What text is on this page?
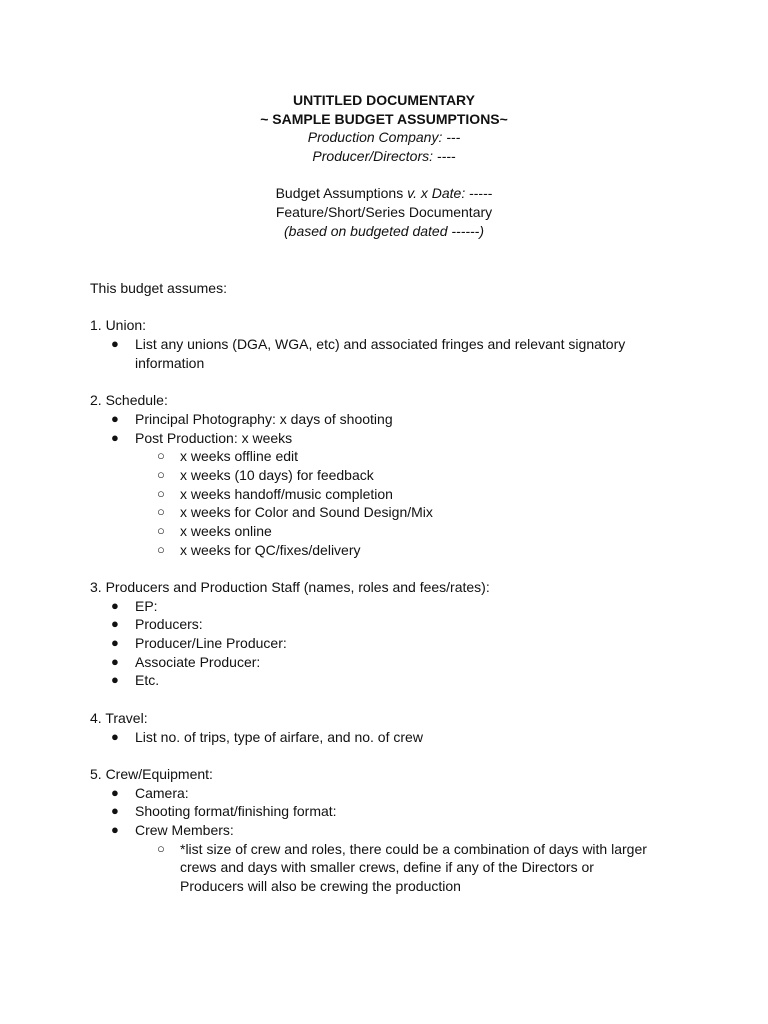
UNTITLED DOCUMENTARY
~ SAMPLE BUDGET ASSUMPTIONS~
Production Company: ---
Producer/Directors: ----
Budget Assumptions v. x Date: -----
Feature/Short/Series Documentary
(based on budgeted dated ------)
This budget assumes:
1. Union:
● List any unions (DGA, WGA, etc) and associated fringes and relevant signatory information
2. Schedule:
● Principal Photography: x days of shooting
● Post Production: x weeks
○ x weeks offline edit
○ x weeks (10 days) for feedback
○ x weeks handoff/music completion
○ x weeks for Color and Sound Design/Mix
○ x weeks online
○ x weeks for QC/fixes/delivery
3. Producers and Production Staff (names, roles and fees/rates):
● EP:
● Producers:
● Producer/Line Producer:
● Associate Producer:
● Etc.
4. Travel:
● List no. of trips, type of airfare, and no. of crew
5. Crew/Equipment:
● Camera:
● Shooting format/finishing format:
● Crew Members:
○ *list size of crew and roles, there could be a combination of days with larger crews and days with smaller crews, define if any of the Directors or Producers will also be crewing the production
